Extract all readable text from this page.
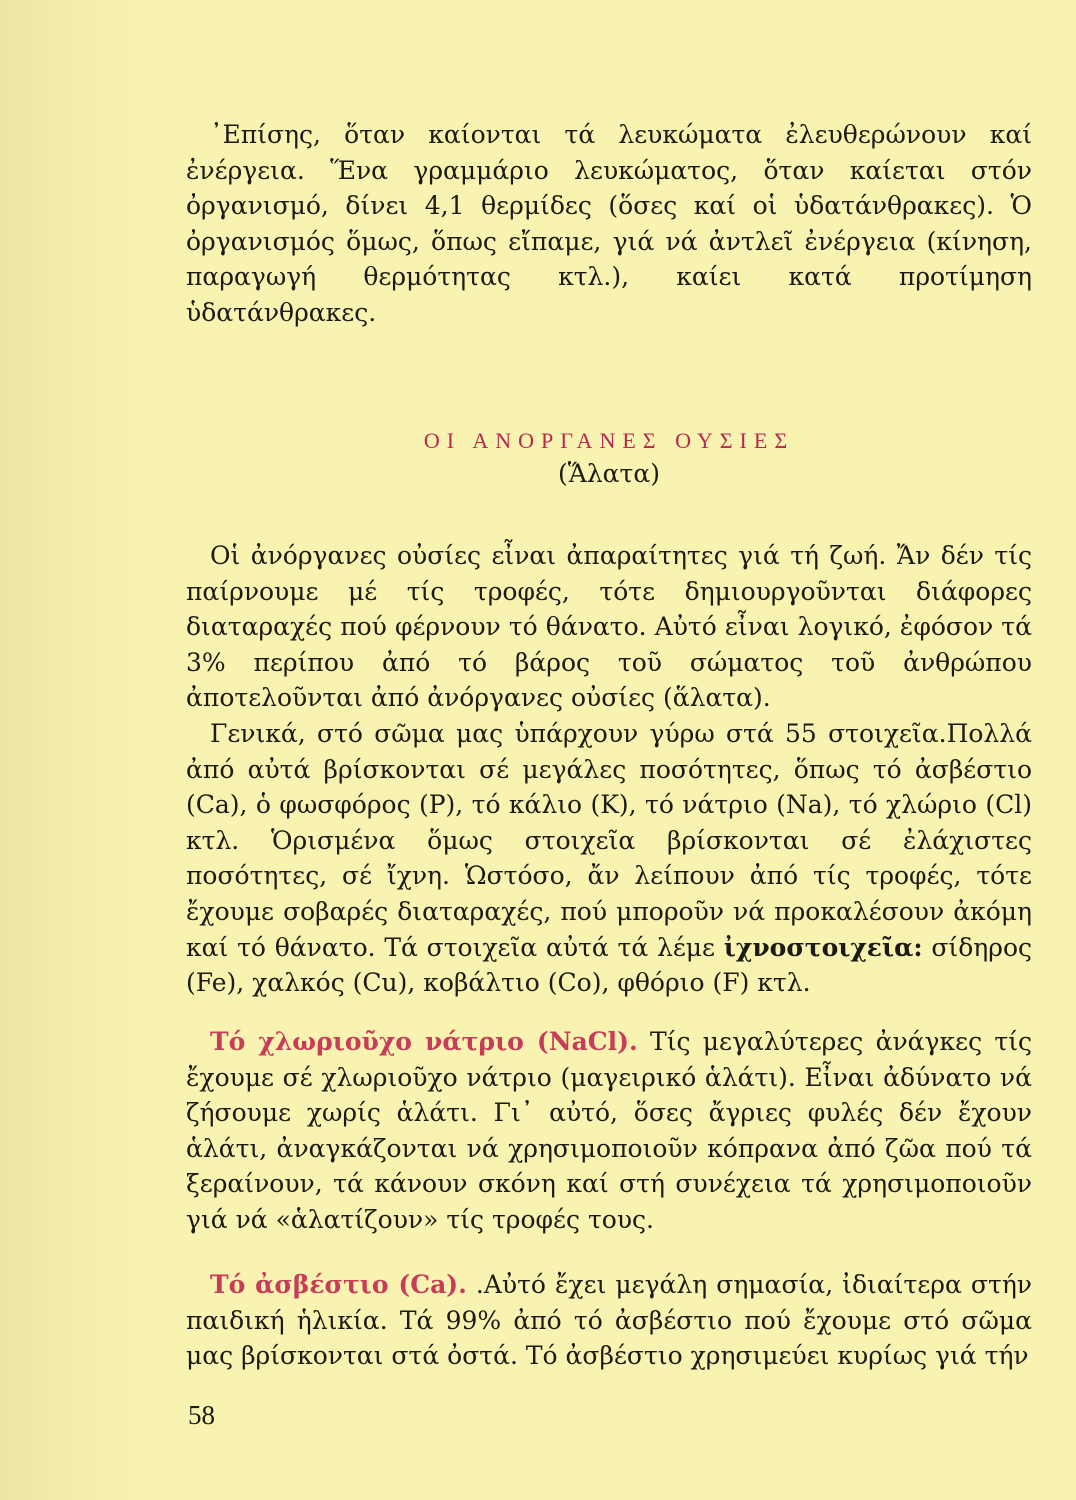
᾿Επίσης, ὅταν καίονται τά λευκώματα ἐλευθερώνουν καί ἐνέργεια. Ἕνα γραμμάριο λευκώματος, ὅταν καίεται στόν ὀργανισμό, δίνει 4,1 θερμίδες (ὅσες καί οἱ ὑδατάνθρακες). Ὁ ὀργανισμός ὅμως, ὅπως εἴπαμε, γιά νά ἀντλεῖ ἐνέργεια (κίνηση, παραγωγή θερμότητας κτλ.), καίει κατά προτίμηση ὑδατάνθρακες.

ΟΙ ΑΝΟΡΓΑΝΕΣ ΟΥΣΙΕΣ
(Ἅλατα)

Οἱ ἀνόργανες οὐσίες εἶναι ἀπαραίτητες γιά τή ζωή. Ἄν δέν τίς παίρνουμε μέ τίς τροφές, τότε δημιουργοῦνται διάφορες διαταραχές πού φέρνουν τό θάνατο. Αὐτό εἶναι λογικό, ἐφόσον τά 3% περίπου ἀπό τό βάρος τοῦ σώματος τοῦ ἀνθρώπου ἀποτελοῦνται ἀπό ἀνόργανες οὐσίες (ἅλατα).

Γενικά, στό σῶμα μας ὑπάρχουν γύρω στά 55 στοιχεῖα.Πολλά ἀπό αὐτά βρίσκονται σέ μεγάλες ποσότητες, ὅπως τό ἀσβέστιο (Ca), ὁ φωσφόρος (P), τό κάλιο (K), τό νάτριο (Na), τό χλώριο (Cl) κτλ. Ὁρισμένα ὅμως στοιχεῖα βρίσκονται σέ ἐλάχιστες ποσότητες, σέ ἴχνη. Ὡστόσο, ἄν λείπουν ἀπό τίς τροφές, τότε ἔχουμε σοβαρές διαταραχές, πού μποροῦν νά προκαλέσουν ἀκόμη καί τό θάνατο. Τά στοιχεῖα αὐτά τά λέμε ἰχνοστοιχεῖα: σίδηρος (Fe), χαλκός (Cu), κοβάλτιο (Co), φθόριο (F) κτλ.

Τό χλωριοῦχο νάτριο (NaCl). Τίς μεγαλύτερες ἀνάγκες τίς ἔχουμε σέ χλωριοῦχο νάτριο (μαγειρικό ἁλάτι). Εἶναι ἀδύνατο νά ζήσουμε χωρίς ἁλάτι. Γι᾿ αὐτό, ὅσες ἄγριες φυλές δέν ἔχουν ἁλάτι, ἀναγκάζονται νά χρησιμοποιοῦν κόπρανα ἀπό ζῶα πού τά ξεραίνουν, τά κάνουν σκόνη καί στή συνέχεια τά χρησιμοποιοῦν γιά νά «ἁλατίζουν» τίς τροφές τους.

Τό ἀσβέστιο (Ca). .Αὐτό ἔχει μεγάλη σημασία, ἰδιαίτερα στήν παιδική ἡλικία. Τά 99% ἀπό τό ἀσβέστιο πού ἔχουμε στό σῶμα μας βρίσκονται στά ὀστά. Τό ἀσβέστιο χρησιμεύει κυρίως γιά τήν

58
